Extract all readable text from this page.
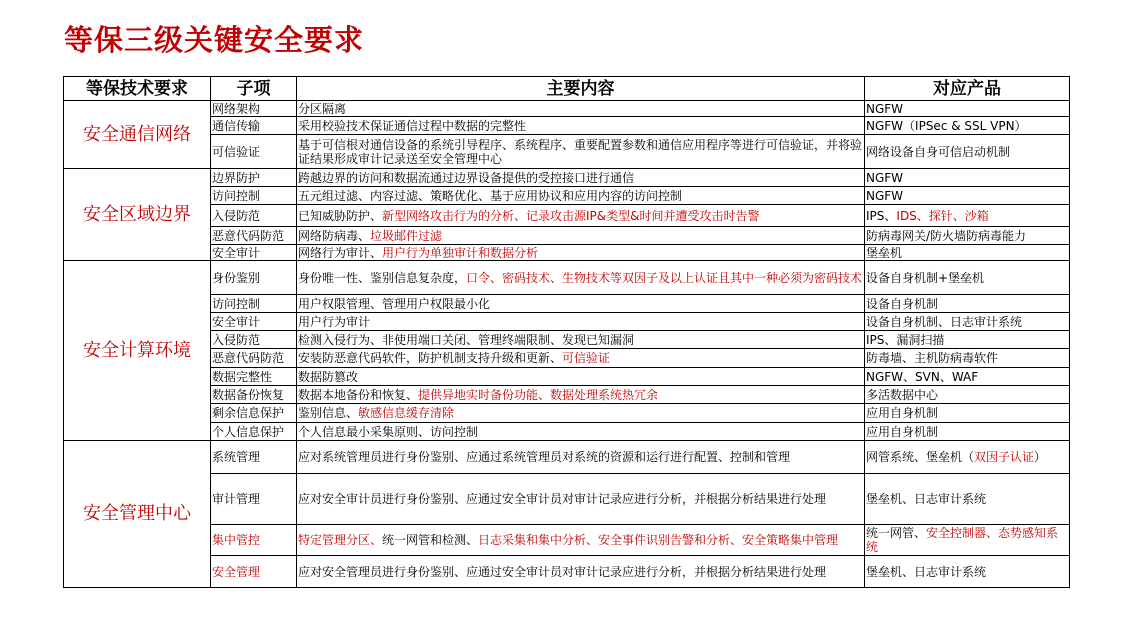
等保三级关键安全要求
等保技术要求	子项	主要内容	对应产品
安全通信网络	网络架构	分区隔离	NGFW
	通信传输	采用校验技术保证通信过程中数据的完整性	NGFW（IPSec & SSL VPN）
	可信验证	基于可信根对通信设备的系统引导程序、系统程序、重要配置参数和通信应用程序等进行可信验证，并将验证结果形成审计记录送至安全管理中心	网络设备自身可信启动机制
安全区域边界	边界防护	跨越边界的访问和数据流通过边界设备提供的受控接口进行通信	NGFW
	访问控制	五元组过滤、内容过滤、策略优化、基于应用协议和应用内容的访问控制	NGFW
	入侵防范	已知威胁防护、新型网络攻击行为的分析、记录攻击源IP&类型&时间并遭受攻击时告警	IPS、IDS、探针、沙箱
	恶意代码防范	网络防病毒、垃圾邮件过滤	防病毒网关/防火墙防病毒能力
	安全审计	网络行为审计、用户行为单独审计和数据分析	堡垒机
安全计算环境	身份鉴别	身份唯一性、鉴别信息复杂度，口令、密码技术、生物技术等双因子及以上认证且其中一种必须为密码技术	设备自身机制+堡垒机
	访问控制	用户权限管理、管理用户权限最小化	设备自身机制
	安全审计	用户行为审计	设备自身机制、日志审计系统
	入侵防范	检测入侵行为、非使用端口关闭、管理终端限制、发现已知漏洞	IPS、漏洞扫描
	恶意代码防范	安装防恶意代码软件，防护机制支持升级和更新、可信验证	防毒墙、主机防病毒软件
	数据完整性	数据防篡改	NGFW、SVN、WAF
	数据备份恢复	数据本地备份和恢复、提供异地实时备份功能、数据处理系统热冗余	多活数据中心
	剩余信息保护	鉴别信息、敏感信息缓存清除	应用自身机制
	个人信息保护	个人信息最小采集原则、访问控制	应用自身机制
安全管理中心	系统管理	应对系统管理员进行身份鉴别、应通过系统管理员对系统的资源和运行进行配置、控制和管理	网管系统、堡垒机（双因子认证）
	审计管理	应对安全审计员进行身份鉴别、应通过安全审计员对审计记录应进行分析，并根据分析结果进行处理	堡垒机、日志审计系统
	集中管控	特定管理分区、统一网管和检测、日志采集和集中分析、安全事件识别告警和分析、安全策略集中管理	统一网管、安全控制器、态势感知系统
	安全管理	应对安全管理员进行身份鉴别、应通过安全审计员对审计记录应进行分析，并根据分析结果进行处理	堡垒机、日志审计系统
